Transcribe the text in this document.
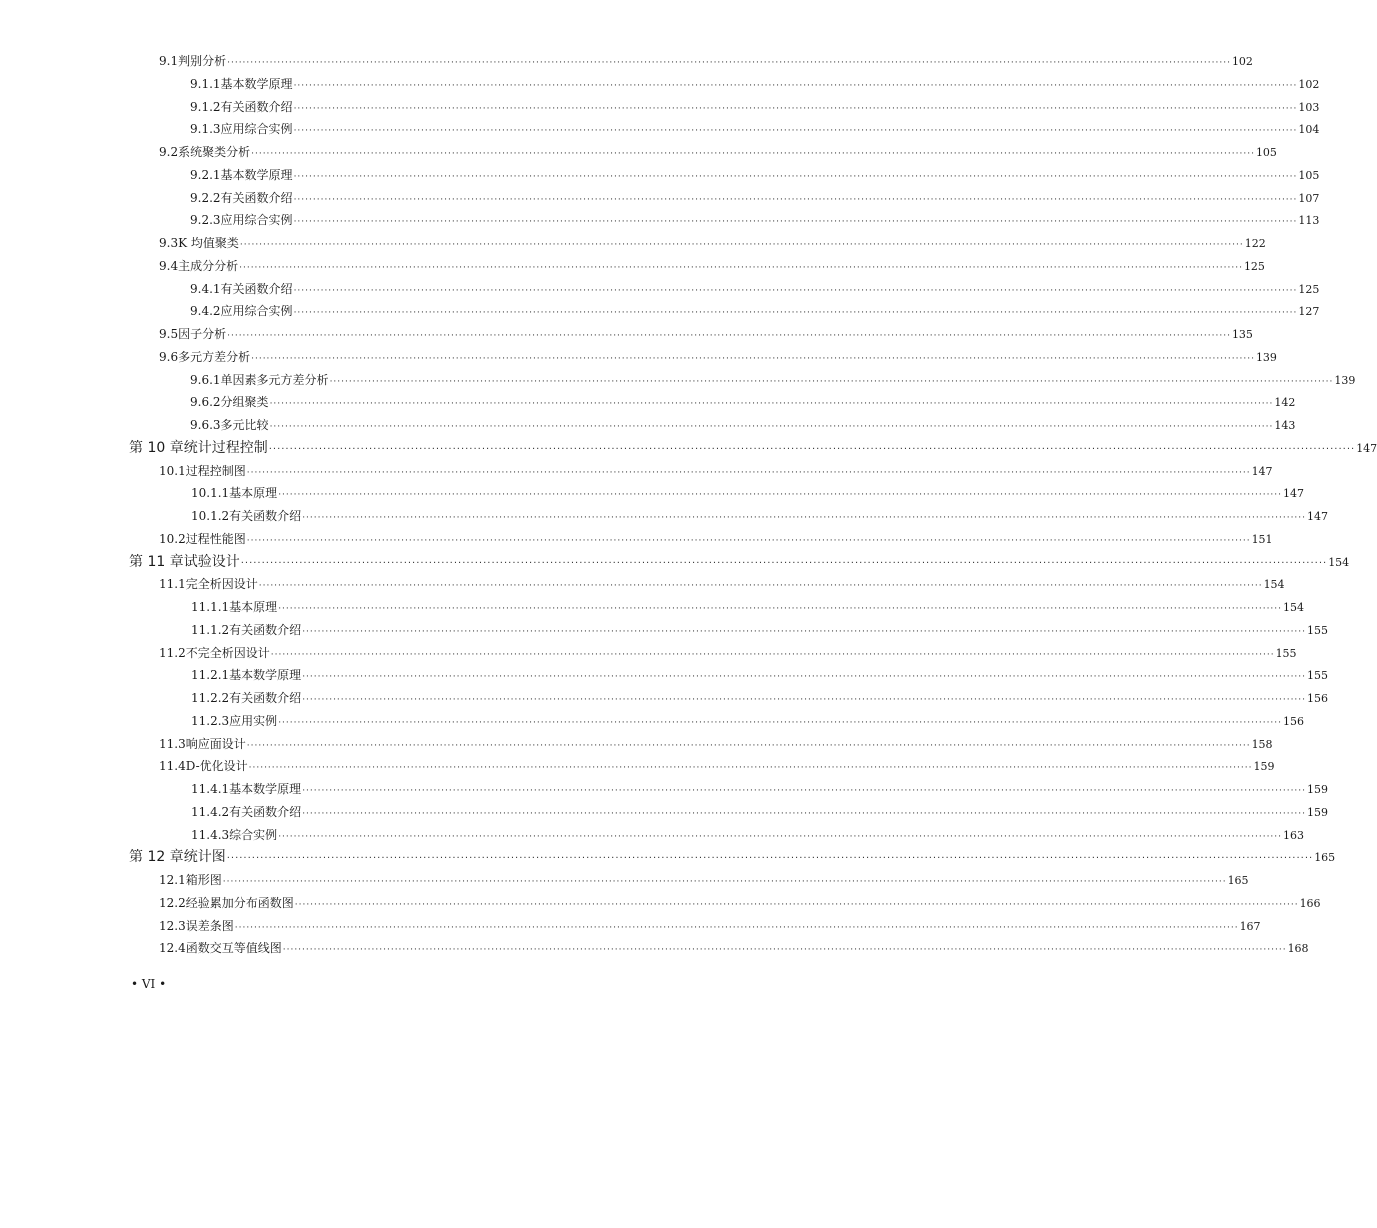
9.1 判别分析 ···································································································································································································································································· 102
9.1.1 基本数学原理 ···································································································································································································································································· 102
9.1.2 有关函数介绍 ···································································································································································································································································· 103
9.1.3 应用综合实例 ···································································································································································································································································· 104
9.2 系统聚类分析 ···································································································································································································································································· 105
9.2.1 基本数学原理 ···································································································································································································································································· 105
9.2.2 有关函数介绍 ···································································································································································································································································· 107
9.2.3 应用综合实例 ···································································································································································································································································· 113
9.3 K 均值聚类 ···································································································································································································································································· 122
9.4 主成分分析 ···································································································································································································································································· 125
9.4.1 有关函数介绍 ···································································································································································································································································· 125
9.4.2 应用综合实例 ···································································································································································································································································· 127
9.5 因子分析 ···································································································································································································································································· 135
9.6 多元方差分析 ···································································································································································································································································· 139
9.6.1 单因素多元方差分析 ···································································································································································································································································· 139
9.6.2 分组聚类 ···································································································································································································································································· 142
9.6.3 多元比较 ···································································································································································································································································· 143
第 10 章 统计过程控制 ···································································································································································································································································· 147
10.1 过程控制图 ···································································································································································································································································· 147
10.1.1 基本原理 ···································································································································································································································································· 147
10.1.2 有关函数介绍 ···································································································································································································································································· 147
10.2 过程性能图 ···································································································································································································································································· 151
第 11 章 试验设计 ···································································································································································································································································· 154
11.1 完全析因设计 ···································································································································································································································································· 154
11.1.1 基本原理 ···································································································································································································································································· 154
11.1.2 有关函数介绍 ···································································································································································································································································· 155
11.2 不完全析因设计 ···································································································································································································································································· 155
11.2.1 基本数学原理 ···································································································································································································································································· 155
11.2.2 有关函数介绍 ···································································································································································································································································· 156
11.2.3 应用实例 ···································································································································································································································································· 156
11.3 响应面设计 ···································································································································································································································································· 158
11.4 D-优化设计 ···································································································································································································································································· 159
11.4.1 基本数学原理 ···································································································································································································································································· 159
11.4.2 有关函数介绍 ···································································································································································································································································· 159
11.4.3 综合实例 ···································································································································································································································································· 163
第 12 章 统计图 ···································································································································································································································································· 165
12.1 箱形图 ···································································································································································································································································· 165
12.2 经验累加分布函数图 ···································································································································································································································································· 166
12.3 误差条图 ···································································································································································································································································· 167
12.4 函数交互等值线图 ···································································································································································································································································· 168
• VI •
